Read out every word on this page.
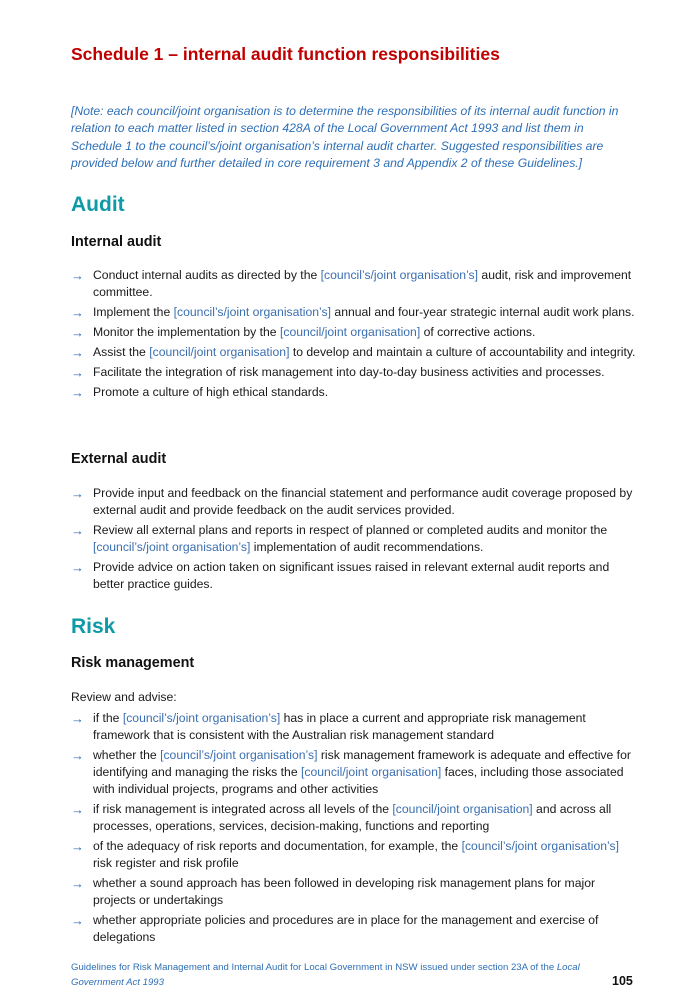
Schedule 1 – internal audit function responsibilities

[Note: each council/joint organisation is to determine the responsibilities of its internal audit function in relation to each matter listed in section 428A of the Local Government Act 1993 and list them in Schedule 1 to the council’s/joint organisation’s internal audit charter. Suggested responsibilities are provided below and further detailed in core requirement 3 and Appendix 2 of these Guidelines.]

Audit
Internal audit
→ Conduct internal audits as directed by the [council’s/joint organisation’s] audit, risk and improvement committee.
→ Implement the [council’s/joint organisation’s] annual and four-year strategic internal audit work plans.
→ Monitor the implementation by the [council/joint organisation] of corrective actions.
→ Assist the [council/joint organisation] to develop and maintain a culture of accountability and integrity.
→ Facilitate the integration of risk management into day-to-day business activities and processes.
→ Promote a culture of high ethical standards.
External audit
→ Provide input and feedback on the financial statement and performance audit coverage proposed by external audit and provide feedback on the audit services provided.
→ Review all external plans and reports in respect of planned or completed audits and monitor the [council’s/joint organisation’s] implementation of audit recommendations.
→ Provide advice on action taken on significant issues raised in relevant external audit reports and better practice guides.
Risk
Risk management

Review and advise:

→ if the [council’s/joint organisation’s] has in place a current and appropriate risk management framework that is consistent with the Australian risk management standard
→ whether the [council’s/joint organisation’s] risk management framework is adequate and effective for identifying and managing the risks the [council/joint organisation] faces, including those associated with individual projects, programs and other activities
→ if risk management is integrated across all levels of the [council/joint organisation] and across all processes, operations, services, decision-making, functions and reporting
→ of the adequacy of risk reports and documentation, for example, the [council’s/joint organisation’s] risk register and risk profile
→ whether a sound approach has been followed in developing risk management plans for major projects or undertakings
→ whether appropriate policies and procedures are in place for the management and exercise of delegations

Guidelines for Risk Management and Internal Audit for Local Government in NSW issued under section 23A of the Local Government Act 1993	105
